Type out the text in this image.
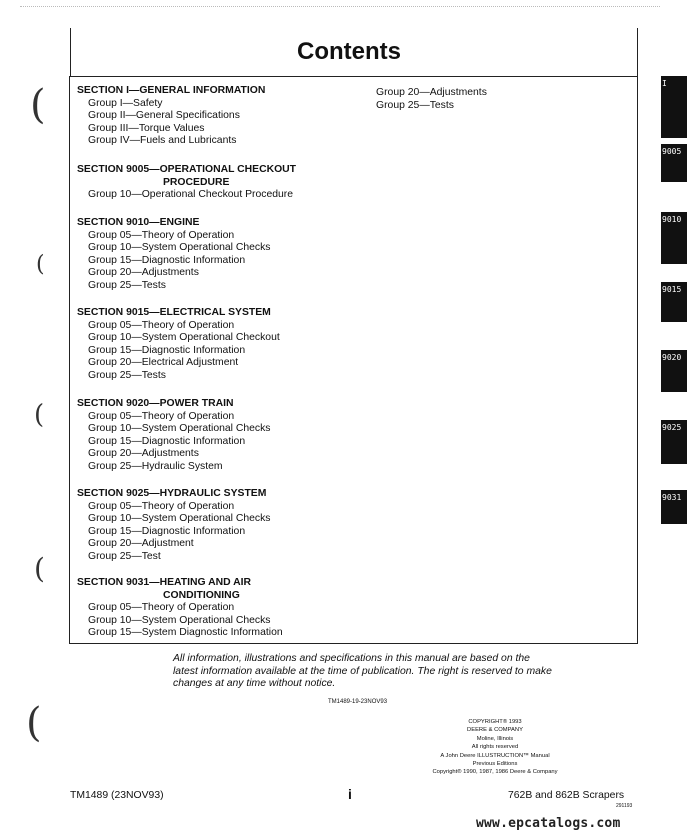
Contents
(
(
(
(
(
SECTION I—GENERAL INFORMATION
Group I—Safety
Group II—General Specifications
Group III—Torque Values
Group IV—Fuels and Lubricants
SECTION 9005—OPERATIONAL CHECKOUT
PROCEDURE
Group 10—Operational Checkout Procedure
SECTION 9010—ENGINE
Group 05—Theory of Operation
Group 10—System Operational Checks
Group 15—Diagnostic Information
Group 20—Adjustments
Group 25—Tests
SECTION 9015—ELECTRICAL SYSTEM
Group 05—Theory of Operation
Group 10—System Operational Checkout
Group 15—Diagnostic Information
Group 20—Electrical Adjustment
Group 25—Tests
SECTION 9020—POWER TRAIN
Group 05—Theory of Operation
Group 10—System Operational Checks
Group 15—Diagnostic Information
Group 20—Adjustments
Group 25—Hydraulic System
SECTION 9025—HYDRAULIC SYSTEM
Group 05—Theory of Operation
Group 10—System Operational Checks
Group 15—Diagnostic Information
Group 20—Adjustment
Group 25—Test
SECTION 9031—HEATING AND AIR
CONDITIONING
Group 05—Theory of Operation
Group 10—System Operational Checks
Group 15—System Diagnostic Information
Group 20—Adjustments
Group 25—Tests
I
9005
9010
9015
9020
9025
9031

All information, illustrations and specifications in this manual are based on the latest information available at the time of publication. The right is reserved to make changes at any time without notice.

TM1489-19-23NOV93
COPYRIGHT® 1993
DEERE & COMPANY
Moline, Illinois
All rights reserved
A John Deere ILLUSTRUCTION™ Manual
Previous Editions
Copyright® 1990, 1987, 1986 Deere & Company
TM1489 (23NOV93)	i	762B and 862B Scrapers
291193
www.epcatalogs.com
